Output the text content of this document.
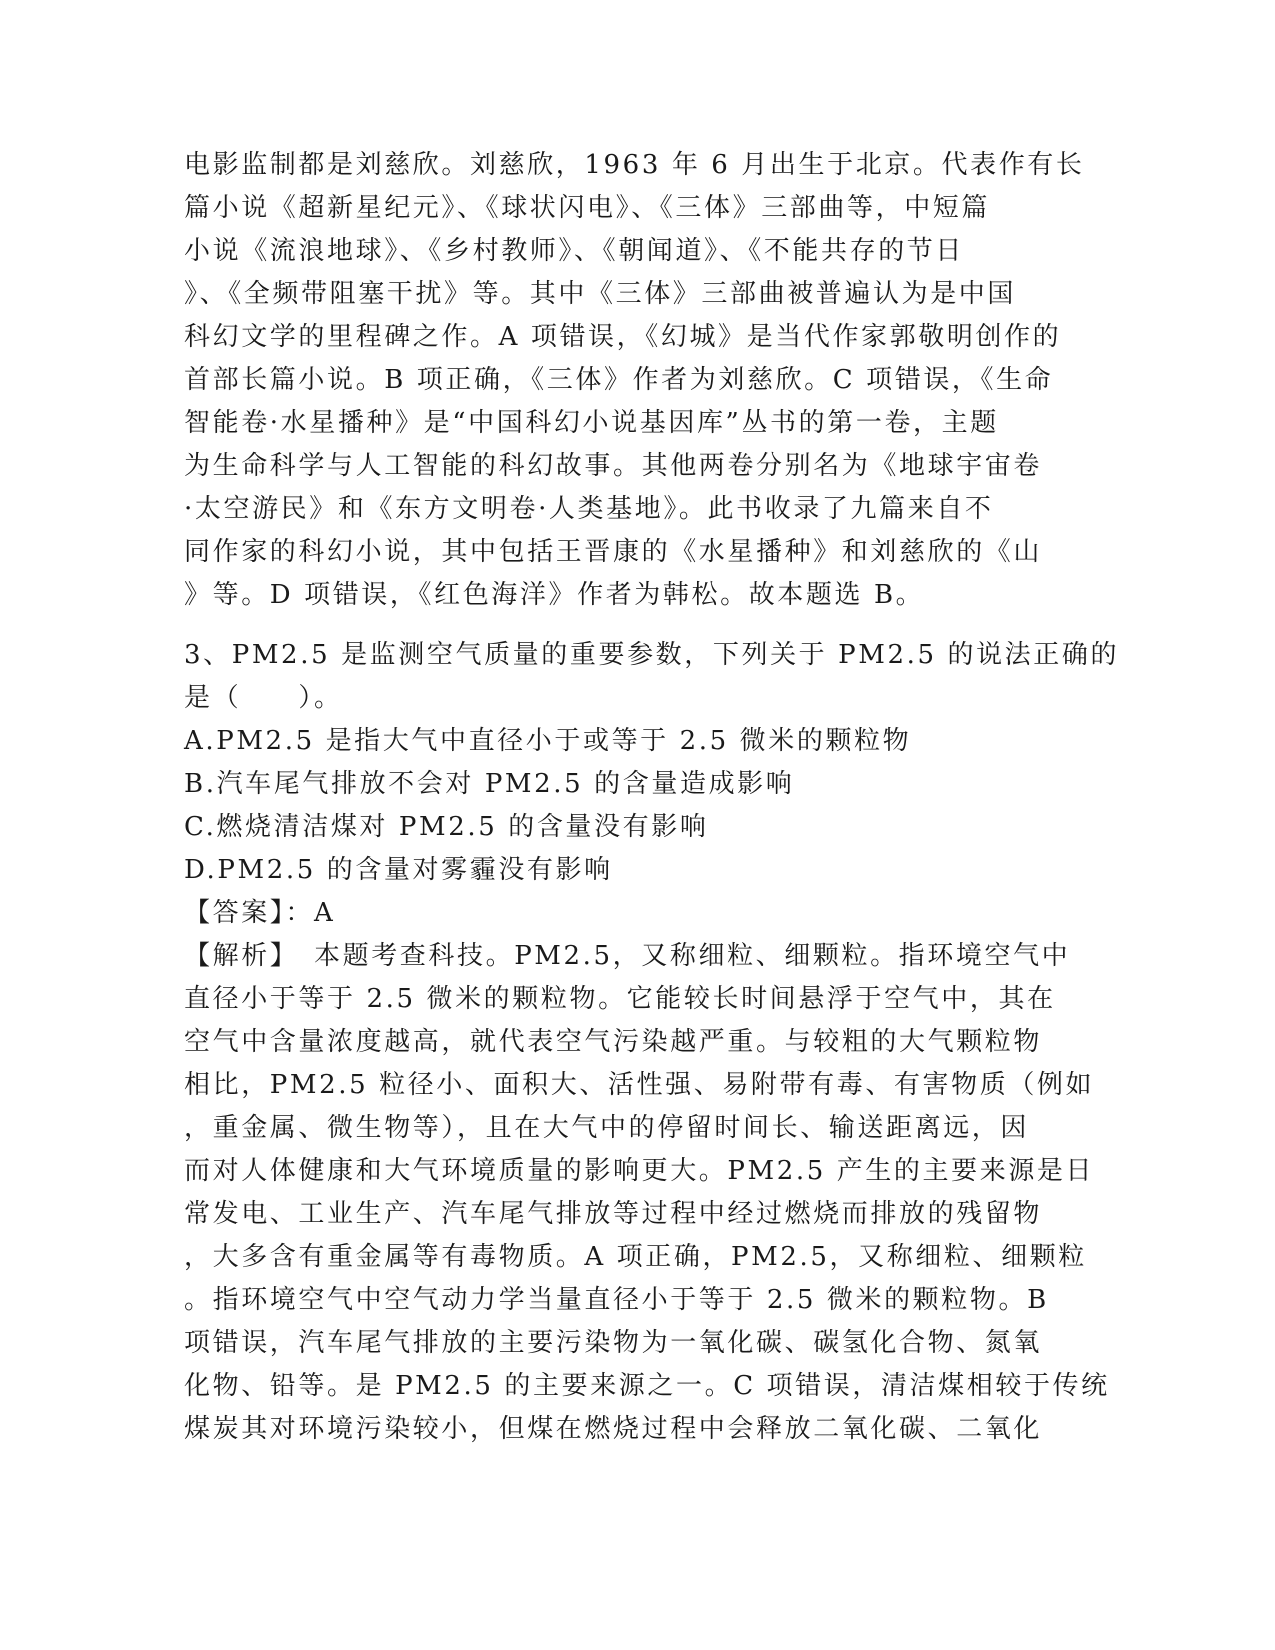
电影监制都是刘慈欣。刘慈欣，1963 年 6 月出生于北京。代表作有长
篇小说《超新星纪元》、《球状闪电》、《三体》三部曲等，中短篇
小说《流浪地球》、《乡村教师》、《朝闻道》、《不能共存的节日
》、《全频带阻塞干扰》等。其中《三体》三部曲被普遍认为是中国
科幻文学的里程碑之作。A 项错误，《幻城》是当代作家郭敬明创作的
首部长篇小说。B 项正确，《三体》作者为刘慈欣。C 项错误，《生命
智能卷·水星播种》是“中国科幻小说基因库”丛书的第一卷，主题
为生命科学与人工智能的科幻故事。其他两卷分别名为《地球宇宙卷
·太空游民》和《东方文明卷·人类基地》。此书收录了九篇来自不
同作家的科幻小说，其中包括王晋康的《水星播种》和刘慈欣的《山
》等。D 项错误，《红色海洋》作者为韩松。故本题选 B。
3、PM2.5 是监测空气质量的重要参数，下列关于 PM2.5 的说法正确的
是（　　）。
A.PM2.5 是指大气中直径小于或等于 2.5 微米的颗粒物
B.汽车尾气排放不会对 PM2.5 的含量造成影响
C.燃烧清洁煤对 PM2.5 的含量没有影响
D.PM2.5 的含量对雾霾没有影响
【答案】：A
【解析】　本题考查科技。PM2.5，又称细粒、细颗粒。指环境空气中
直径小于等于 2.5 微米的颗粒物。它能较长时间悬浮于空气中，其在
空气中含量浓度越高，就代表空气污染越严重。与较粗的大气颗粒物
相比，PM2.5 粒径小、面积大、活性强、易附带有毒、有害物质（例如
，重金属、微生物等），且在大气中的停留时间长、输送距离远，因
而对人体健康和大气环境质量的影响更大。PM2.5 产生的主要来源是日
常发电、工业生产、汽车尾气排放等过程中经过燃烧而排放的残留物
，大多含有重金属等有毒物质。A 项正确，PM2.5，又称细粒、细颗粒
。指环境空气中空气动力学当量直径小于等于 2.5 微米的颗粒物。B
项错误，汽车尾气排放的主要污染物为一氧化碳、碳氢化合物、氮氧
化物、铅等。是 PM2.5 的主要来源之一。C 项错误，清洁煤相较于传统
煤炭其对环境污染较小，但煤在燃烧过程中会释放二氧化碳、二氧化
